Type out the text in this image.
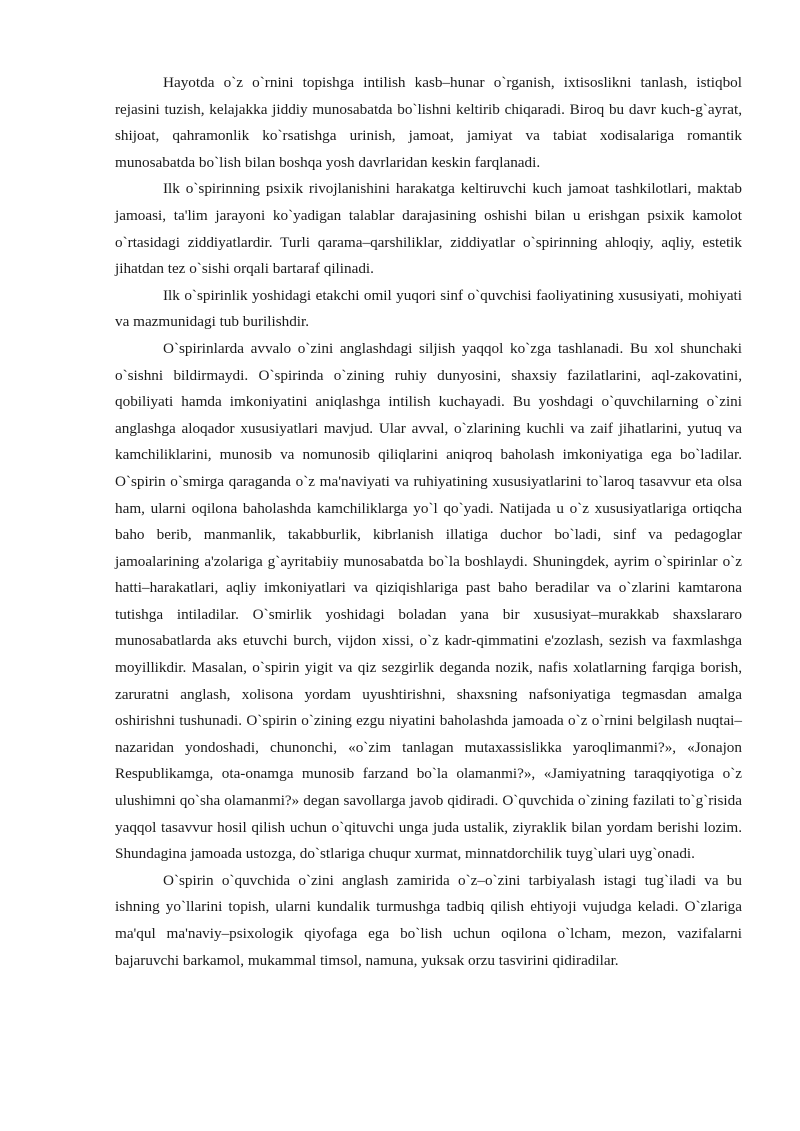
Hayotda o`z o`rnini topishga intilish kasb–hunar o`rganish, ixtisoslikni tanlash, istiqbol rejasini tuzish, kelajakka jiddiy munosabatda bo`lishni keltirib chiqaradi. Biroq bu davr kuch-g`ayrat, shijoat, qahramonlik ko`rsatishga urinish, jamoat, jamiyat va tabiat xodisalariga romantik munosabatda bo`lish bilan boshqa yosh davrlaridan keskin farqlanadi.

Ilk o`spirinning psixik rivojlanishini harakatga keltiruvchi kuch jamoat tashkilotlari, maktab jamoasi, ta'lim jarayoni ko`yadigan talablar darajasining oshishi bilan u erishgan psixik kamolot o`rtasidagi ziddiyatlardir. Turli qarama–qarshiliklar, ziddiyatlar o`spirinning ahloqiy, aqliy, estetik jihatdan tez o`sishi orqali bartaraf qilinadi.

Ilk o`spirinlik yoshidagi etakchi omil yuqori sinf o`quvchisi faoliyatining xususiyati, mohiyati va mazmunidagi tub burilishdir.

O`spirinlarda avvalo o`zini anglashdagi siljish yaqqol ko`zga tashlanadi. Bu xol shunchaki o`sishni bildirmaydi. O`spirinda o`zining ruhiy dunyosini, shaxsiy fazilatlarini, aql-zakovatini, qobiliyati hamda imkoniyatini aniqlashga intilish kuchayadi. Bu yoshdagi o`quvchilarning o`zini anglashga aloqador xususiyatlari mavjud. Ular avval, o`zlarining kuchli va zaif jihatlarini, yutuq va kamchiliklarini, munosib va nomunosib qiliqlarini aniqroq baholash imkoniyatiga ega bo`ladilar. O`spirin o`smirga qaraganda o`z ma'naviyati va ruhiyatining xususiyatlarini to`laroq tasavvur eta olsa ham, ularni oqilona baholashda kamchiliklarga yo`l qo`yadi. Natijada u o`z xususiyatlariga ortiqcha baho berib, manmanlik, takabburlik, kibrlanish illatiga duchor bo`ladi, sinf va pedagoglar jamoalarining a'zolariga g`ayritabiiy munosabatda bo`la boshlaydi. Shuningdek, ayrim o`spirinlar o`z hatti–harakatlari, aqliy imkoniyatlari va qiziqishlariga past baho beradilar va o`zlarini kamtarona tutishga intiladilar. O`smirlik yoshidagi boladan yana bir xususiyat–murakkab shaxslararo munosabatlarda aks etuvchi burch, vijdon xissi, o`z kadr-qimmatini e'zozlash, sezish va faxmlashga moyillikdir. Masalan, o`spirin yigit va qiz sezgirlik deganda nozik, nafis xolatlarning farqiga borish, zaruratni anglash, xolisona yordam uyushtirishni, shaxsning nafsoniyatiga tegmasdan amalga oshirishni tushunadi. O`spirin o`zining ezgu niyatini baholashda jamoada o`z o`rnini belgilash nuqtai–nazaridan yondoshadi, chunonchi, «o`zim tanlagan mutaxassislikka yaroqlimanmi?», «Jonajon Respublikamga, ota-onamga munosib farzand bo`la olamanmi?», «Jamiyatning taraqqiyotiga o`z ulushimni qo`sha olamanmi?» degan savollarga javob qidiradi. O`quvchida o`zining fazilati to`g`risida yaqqol tasavvur hosil qilish uchun o`qituvchi unga juda ustalik, ziyraklik bilan yordam berishi lozim. Shundagina jamoada ustozga, do`stlariga chuqur xurmat, minnatdorchilik tuyg`ulari uyg`onadi.

O`spirin o`quvchida o`zini anglash zamirida o`z–o`zini tarbiyalash istagi tug`iladi va bu ishning yo`llarini topish, ularni kundalik turmushga tadbiq qilish ehtiyoji vujudga keladi. O`zlariga ma'qul ma'naviy–psixologik qiyofaga ega bo`lish uchun oqilona o`lcham, mezon, vazifalarni bajaruvchi barkamol, mukammal timsol, namuna, yuksak orzu tasvirini qidiradilar.
